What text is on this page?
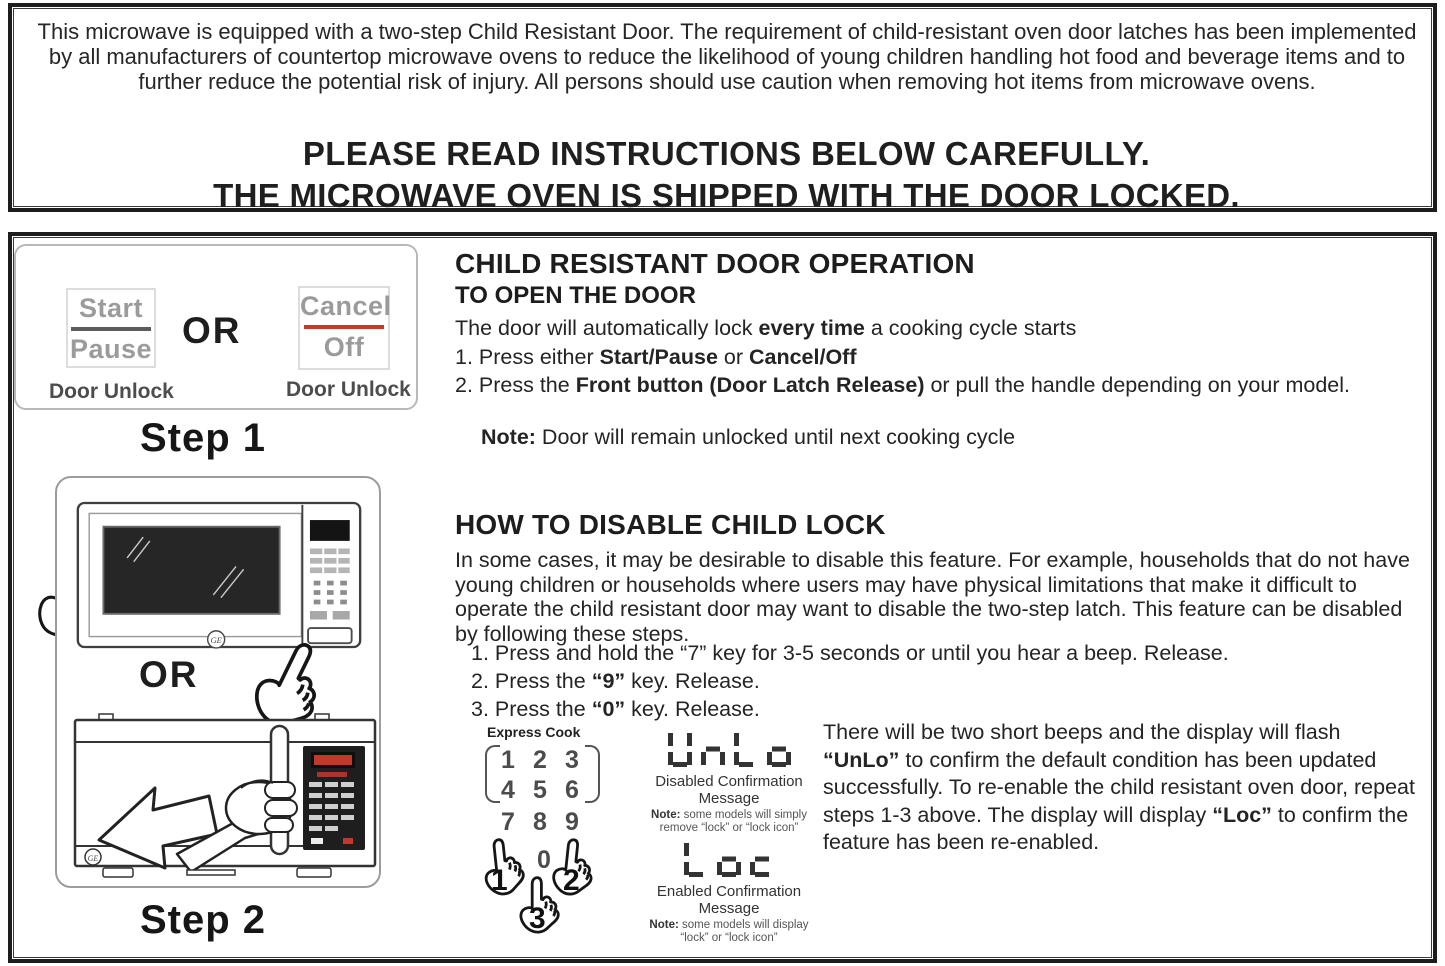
This microwave is equipped with a two-step Child Resistant Door. The requirement of child-resistant oven door latches has been implemented by all manufacturers of countertop microwave ovens to reduce the likelihood of young children handling hot food and beverage items and to further reduce the potential risk of injury. All persons should use caution when removing hot items from microwave ovens.

PLEASE READ INSTRUCTIONS BELOW CAREFULLY.
THE MICROWAVE OVEN IS SHIPPED WITH THE DOOR LOCKED.
Start
Pause OR
Cancel
Off
Door Unlock	Door Unlock
Step 1
GE
OR
GE
Step 2
CHILD RESISTANT DOOR OPERATION
TO OPEN THE DOOR
The door will automatically lock every time a cooking cycle starts
1. Press either Start/Pause or Cancel/Off
2. Press the Front button (Door Latch Release) or pull the handle depending on your model.
Note: Door will remain unlocked until next cooking cycle
HOW TO DISABLE CHILD LOCK
In some cases, it may be desirable to disable this feature. For example, households that do not have young children or households where users may have physical limitations that make it difficult to operate the child resistant door may want to disable the two-step latch. This feature can be disabled by following these steps.
1. Press and hold the “7” key for 3-5 seconds or until you hear a beep. Release.
2. Press the “9” key. Release.
3. Press the “0” key. Release.
Express Cook
1 2 3
4 5 6
7 8 9
0
1 2
3
Disabled Confirmation Message
Note: some models will simply remove “lock” or “lock icon”
Enabled Confirmation Message
Note: some models will display “lock” or “lock icon”
There will be two short beeps and the display will flash “UnLo” to confirm the default condition has been updated successfully. To re-enable the child resistant oven door, repeat steps 1-3 above. The display will display “Loc” to confirm the feature has been re-enabled.
